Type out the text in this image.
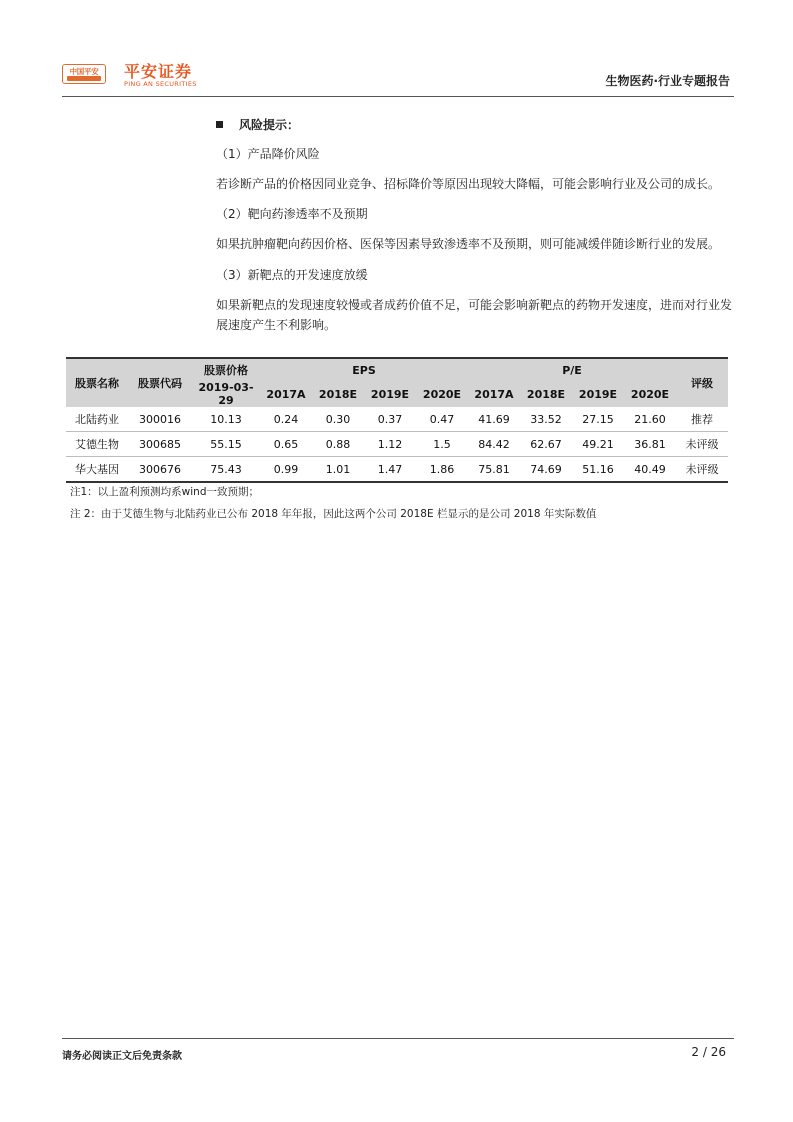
中国平安	平安证券
PING AN SECURITIES	生物医药·行业专题报告
风险提示：
（1）产品降价风险
若诊断产品的价格因同业竞争、招标降价等原因出现较大降幅，可能会影响行业及公司的成长。
（2）靶向药渗透率不及预期
如果抗肿瘤靶向药因价格、医保等因素导致渗透率不及预期，则可能减缓伴随诊断行业的发展。
（3）新靶点的开发速度放缓
如果新靶点的发现速度较慢或者成药价值不足，可能会影响新靶点的药物开发速度，进而对行业发
展速度产生不利影响。
股票名称	股票代码	股票价格	EPS				P/E				评级
		2019-03-29	2017A	2018E	2019E	2020E	2017A	2018E	2019E	2020E	
北陆药业	300016	10.13	0.24	0.30	0.37	0.47	41.69	33.52	27.15	21.60	推荐
艾德生物	300685	55.15	0.65	0.88	1.12	1.5	84.42	62.67	49.21	36.81	未评级
华大基因	300676	75.43	0.99	1.01	1.47	1.86	75.81	74.69	51.16	40.49	未评级
注1：以上盈利预测均系wind一致预期；
注 2：由于艾德生物与北陆药业已公布 2018 年年报，因此这两个公司 2018E 栏显示的是公司 2018 年实际数值
请务必阅读正文后免责条款	2 / 26
